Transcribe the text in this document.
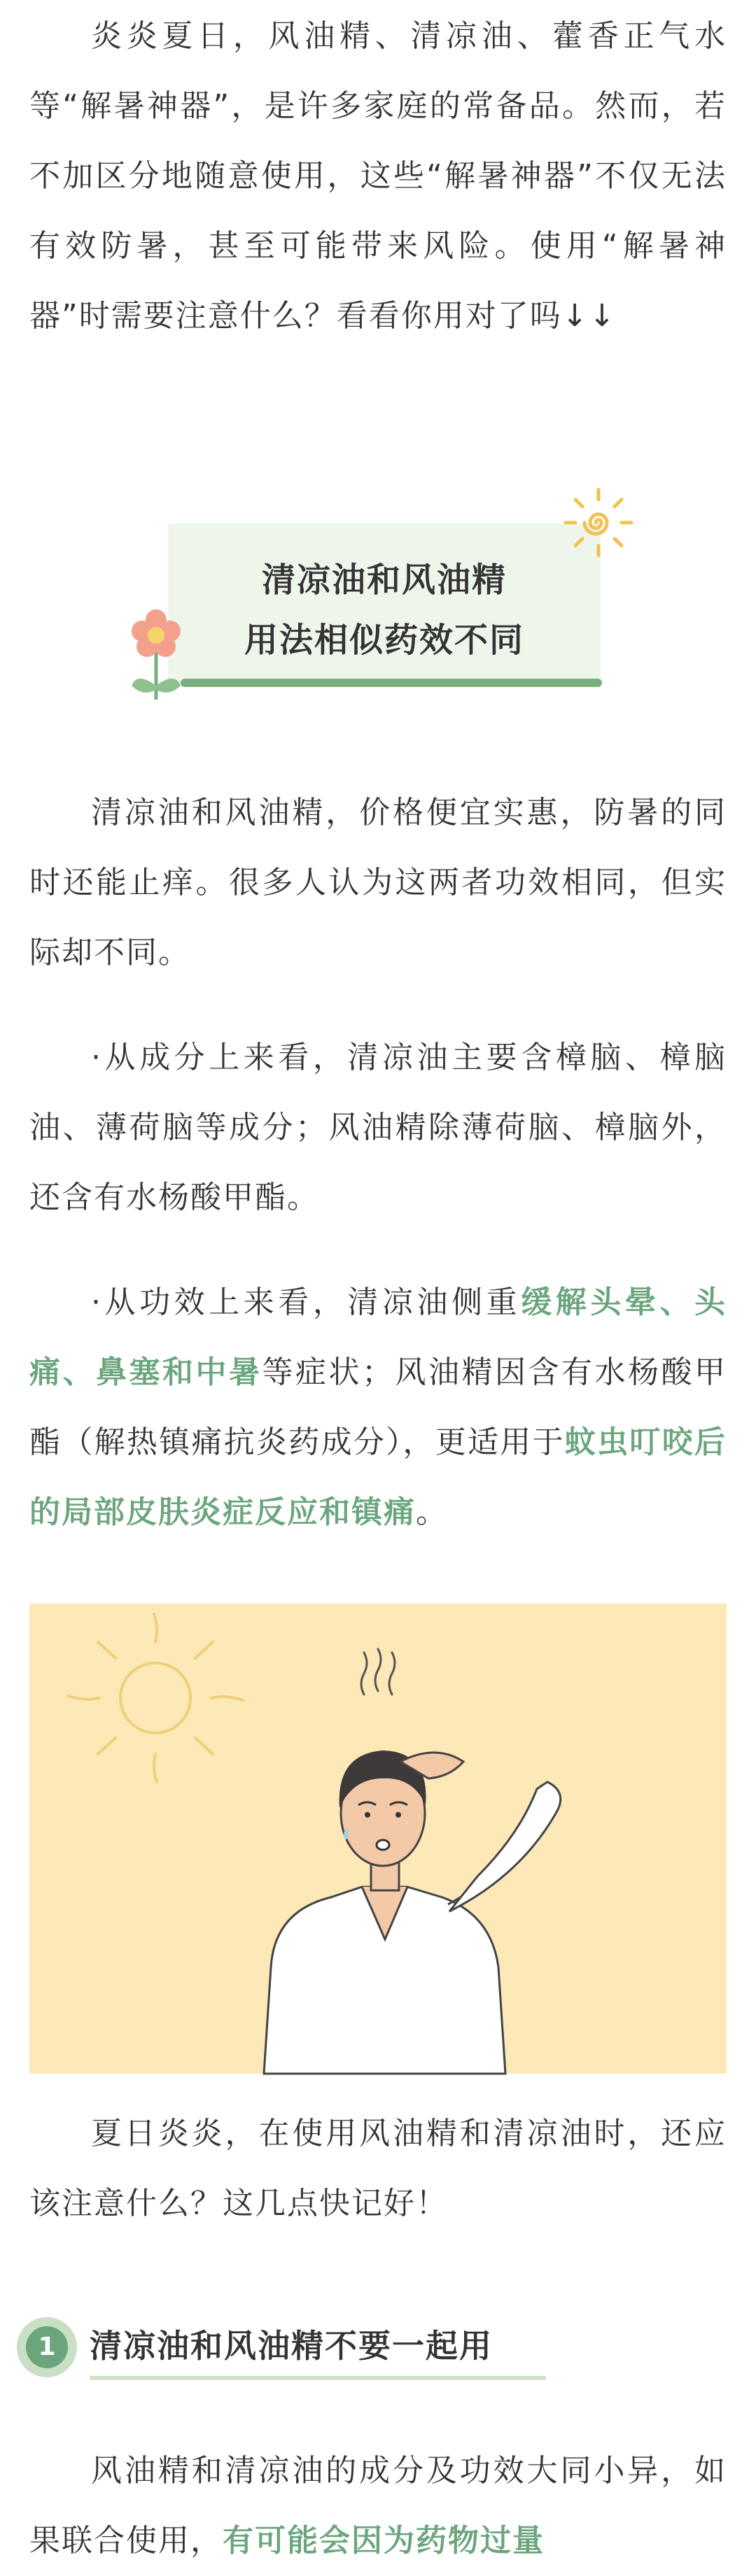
炎炎夏日，风油精、清凉油、藿香正气水等“解暑神器”，是许多家庭的常备品。然而，若不加区分地随意使用，这些“解暑神器”不仅无法有效防暑，甚至可能带来风险。使用“解暑神器”时需要注意什么？看看你用对了吗↓↓

清凉油和风油精
用法相似药效不同

清凉油和风油精，价格便宜实惠，防暑的同时还能止痒。很多人认为这两者功效相同，但实际却不同。

·从成分上来看，清凉油主要含樟脑、樟脑油、薄荷脑等成分；风油精除薄荷脑、樟脑外，还含有水杨酸甲酯。

·从功效上来看，清凉油侧重缓解头晕、头痛、鼻塞和中暑等症状；风油精因含有水杨酸甲酯（解热镇痛抗炎药成分），更适用于蚊虫叮咬后的局部皮肤炎症反应和镇痛。

夏日炎炎，在使用风油精和清凉油时，还应该注意什么？这几点快记好！

1	清凉油和风油精不要一起用

风油精和清凉油的成分及功效大同小异，如果联合使用，有可能会因为药物过量
